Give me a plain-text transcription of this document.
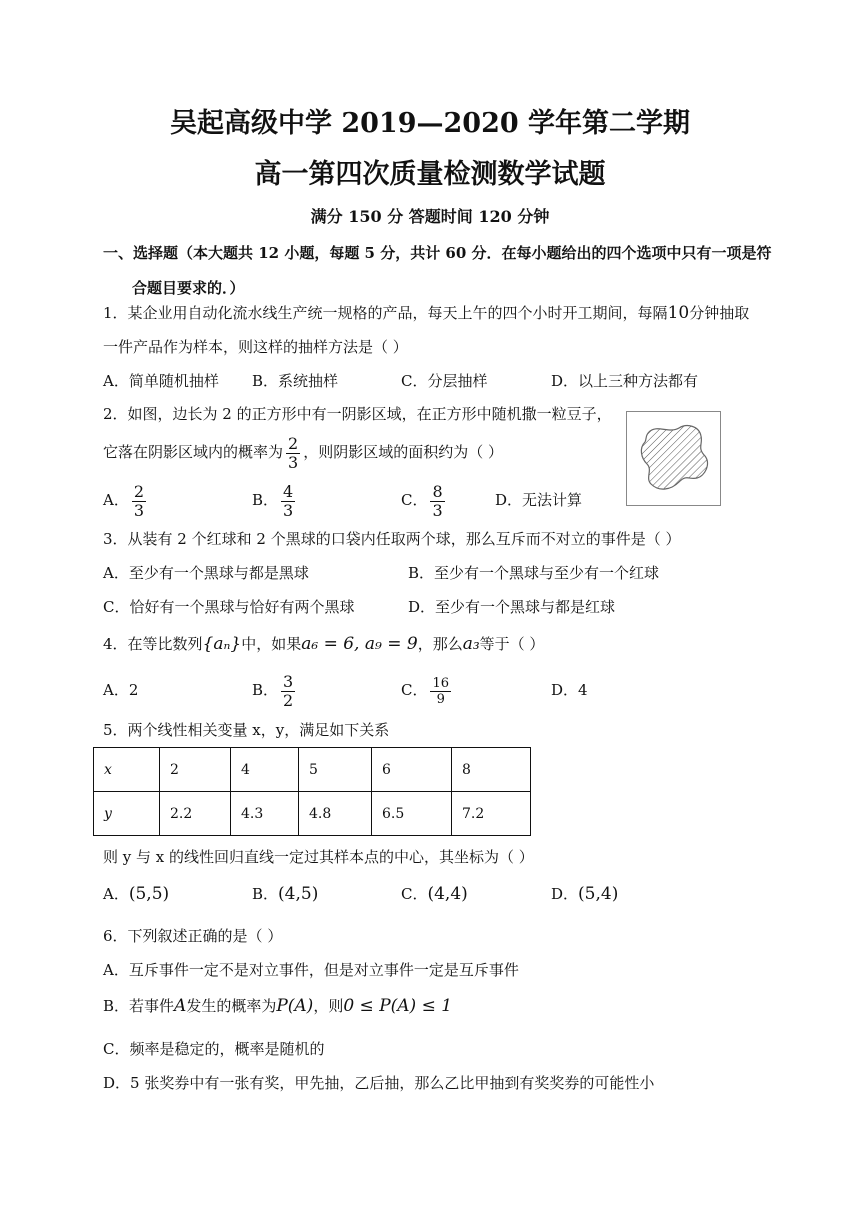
吴起高级中学 2019—2020 学年第二学期
高一第四次质量检测数学试题
满分 150 分 答题时间 120 分钟
一、选择题（本大题共 12 小题，每题 5 分，共计 60 分．在每小题给出的四个选项中只有一项是符
合题目要求的．）
1．某企业用自动化流水线生产统一规格的产品，每天上午的四个小时开工期间，每隔10分钟抽取
一件产品作为样本，则这样的抽样方法是（ ）
A．简单随机抽样 B．系统抽样	C．分层抽样	D．以上三种方法都有
2．如图，边长为 2 的正方形中有一阴影区域，在正方形中随机撒一粒豆子，
它落在阴影区域内的概率为 $\frac{2}{3}$ ，则阴影区域的面积约为（ ）
A． $\frac{2}{3}$	B． $\frac{4}{3}$	C． $\frac{8}{3}$	D．无法计算
3．从装有 2 个红球和 2 个黑球的口袋内任取两个球，那么互斥而不对立的事件是（ ）
A．至少有一个黑球与都是黑球	B．至少有一个黑球与至少有一个红球
C．恰好有一个黑球与恰好有两个黑球	D．至少有一个黑球与都是红球
4．在等比数列{aₙ}中，如果a₆ = 6, a₉ = 9，那么a₃等于（ ）
A．2	B． $\frac{3}{2}$	C． $\frac{16}{9}$	D．4
5．两个线性相关变量 x，y，满足如下关系
x	2	4	5	6	8
y	2.2	4.3	4.8	6.5	7.2
则 y 与 x 的线性回归直线一定过其样本点的中心，其坐标为（ ）
A．(5,5)	B．(4,5)	C．(4,4)	D．(5,4)
6．下列叙述正确的是（ ）
A．互斥事件一定不是对立事件，但是对立事件一定是互斥事件
B．若事件A发生的概率为P(A)，则0 ≤ P(A) ≤ 1
C．频率是稳定的，概率是随机的
D．5 张奖券中有一张有奖，甲先抽，乙后抽，那么乙比甲抽到有奖奖券的可能性小
